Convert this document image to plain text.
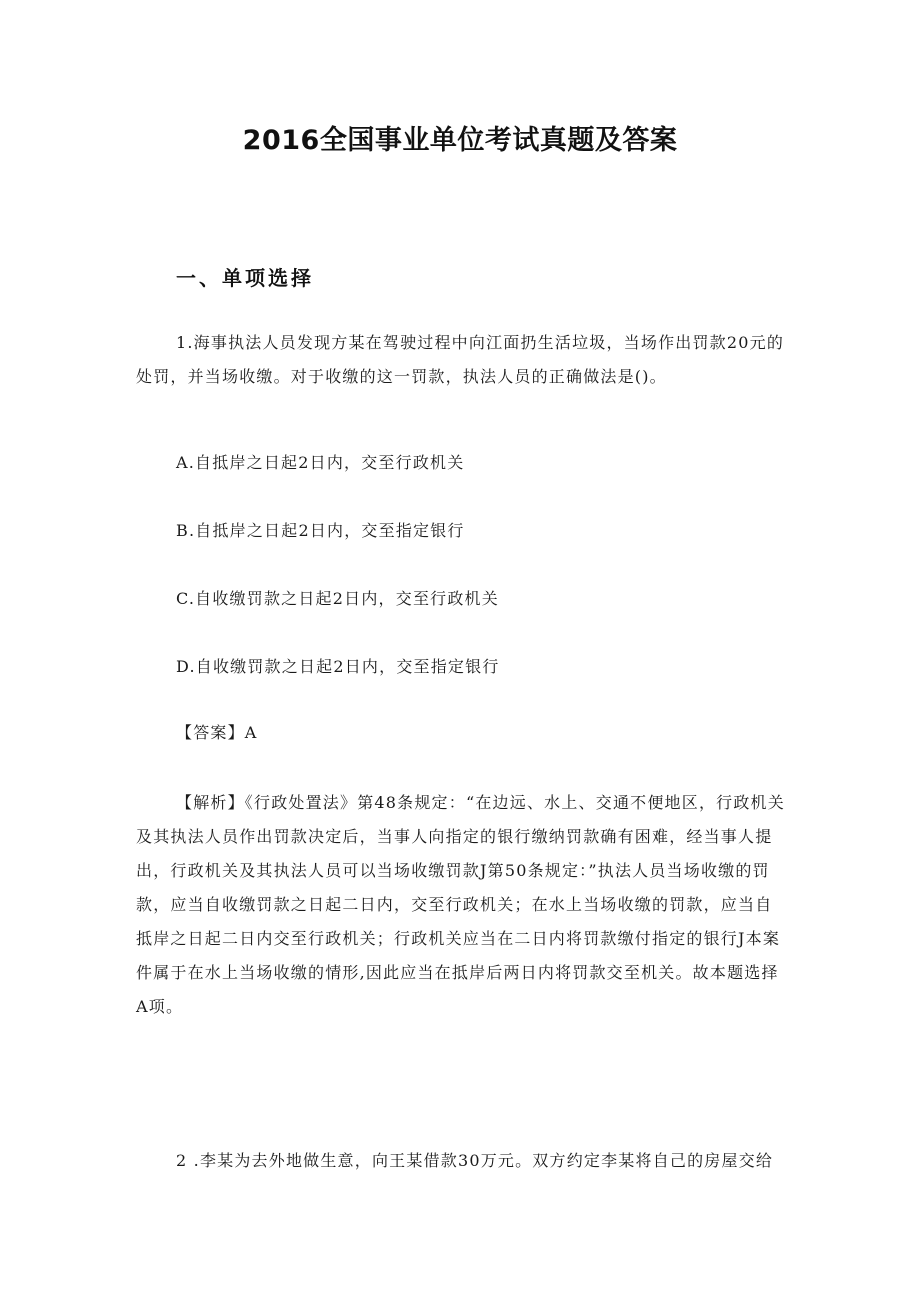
2016全国事业单位考试真题及答案
一、单项选择

1.海事执法人员发现方某在驾驶过程中向江面扔生活垃圾，当场作出罚款20元的处罚，并当场收缴。对于收缴的这一罚款，执法人员的正确做法是()。

A.自抵岸之日起2日内，交至行政机关
B.自抵岸之日起2日内，交至指定银行
C.自收缴罚款之日起2日内，交至行政机关
D.自收缴罚款之日起2日内，交至指定银行
【答案】A

【解析】《行政处置法》第48条规定：“在边远、水上、交通不便地区，行政机关及其执法人员作出罚款决定后，当事人向指定的银行缴纳罚款确有困难，经当事人提出，行政机关及其执法人员可以当场收缴罚款J第50条规定：”执法人员当场收缴的罚款，应当自收缴罚款之日起二日内，交至行政机关；在水上当场收缴的罚款，应当自抵岸之日起二日内交至行政机关；行政机关应当在二日内将罚款缴付指定的银行J本案件属于在水上当场收缴的情形,因此应当在抵岸后两日内将罚款交至机关。故本题选择A项。

2 .李某为去外地做生意，向王某借款30万元。双方约定李某将自己的房屋交给
